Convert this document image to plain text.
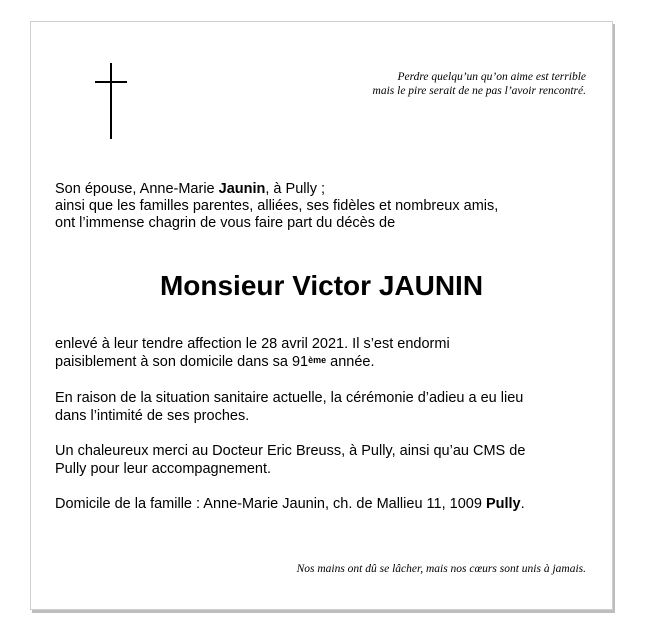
Perdre quelqu’un qu’on aime est terrible
mais le pire serait de ne pas l’avoir rencontré.
Son épouse, Anne-Marie Jaunin, à Pully ;
ainsi que les familles parentes, alliées, ses fidèles et nombreux amis,
ont l’immense chagrin de vous faire part du décès de
Monsieur Victor JAUNIN
enlevé à leur tendre affection le 28 avril 2021. Il s’est endormi
paisiblement à son domicile dans sa 91ème année.
En raison de la situation sanitaire actuelle, la cérémonie d’adieu a eu lieu
dans l’intimité de ses proches.
Un chaleureux merci au Docteur Eric Breuss, à Pully, ainsi qu’au CMS de
Pully pour leur accompagnement.
Domicile de la famille : Anne-Marie Jaunin, ch. de Mallieu 11, 1009 Pully.
Nos mains ont dû se lâcher, mais nos cœurs sont unis à jamais.
